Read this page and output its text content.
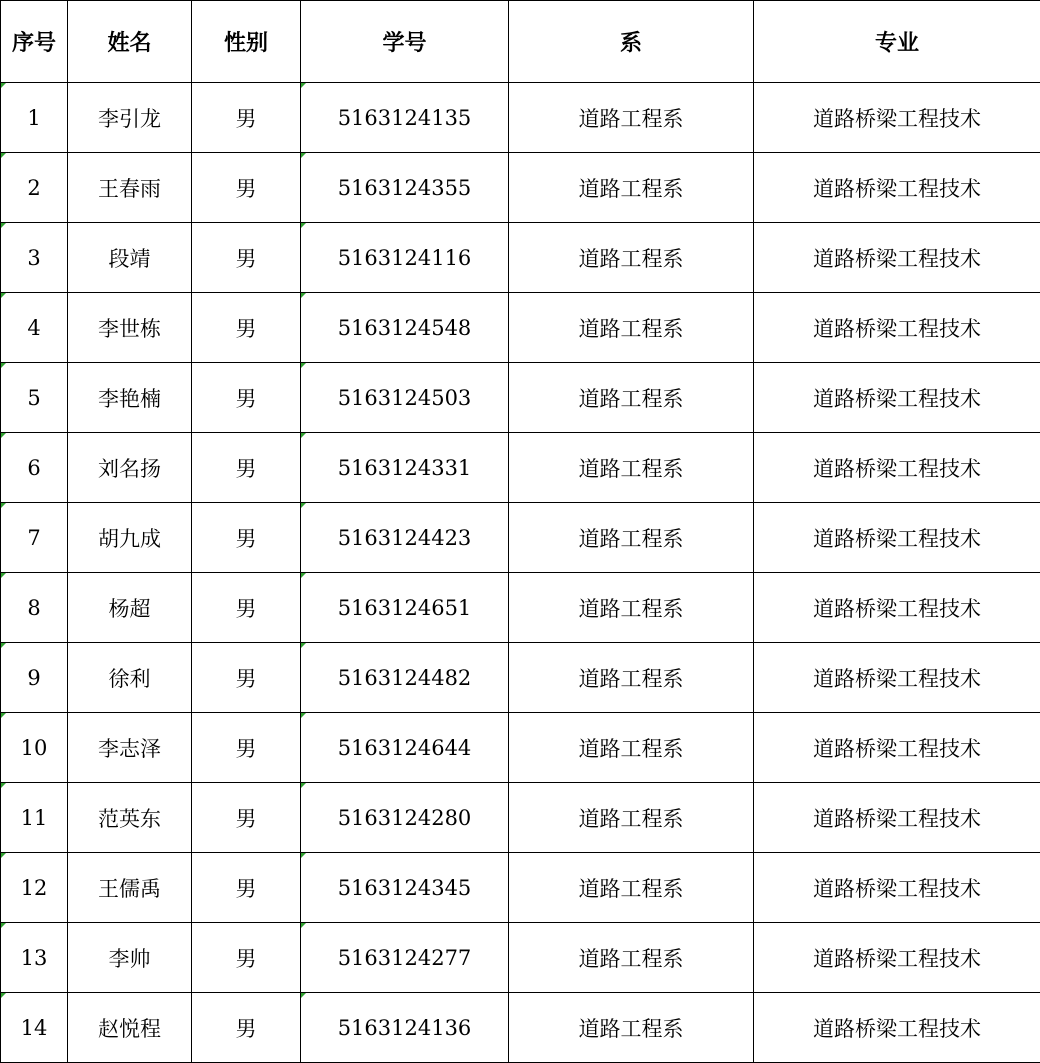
序号	姓名	性别	学号	系	专业
1	李引龙	男	5163124135	道路工程系	道路桥梁工程技术
2	王春雨	男	5163124355	道路工程系	道路桥梁工程技术
3	段靖	男	5163124116	道路工程系	道路桥梁工程技术
4	李世栋	男	5163124548	道路工程系	道路桥梁工程技术
5	李艳楠	男	5163124503	道路工程系	道路桥梁工程技术
6	刘名扬	男	5163124331	道路工程系	道路桥梁工程技术
7	胡九成	男	5163124423	道路工程系	道路桥梁工程技术
8	杨超	男	5163124651	道路工程系	道路桥梁工程技术
9	徐利	男	5163124482	道路工程系	道路桥梁工程技术
10	李志泽	男	5163124644	道路工程系	道路桥梁工程技术
11	范英东	男	5163124280	道路工程系	道路桥梁工程技术
12	王儒禹	男	5163124345	道路工程系	道路桥梁工程技术
13	李帅	男	5163124277	道路工程系	道路桥梁工程技术
14	赵悦程	男	5163124136	道路工程系	道路桥梁工程技术
